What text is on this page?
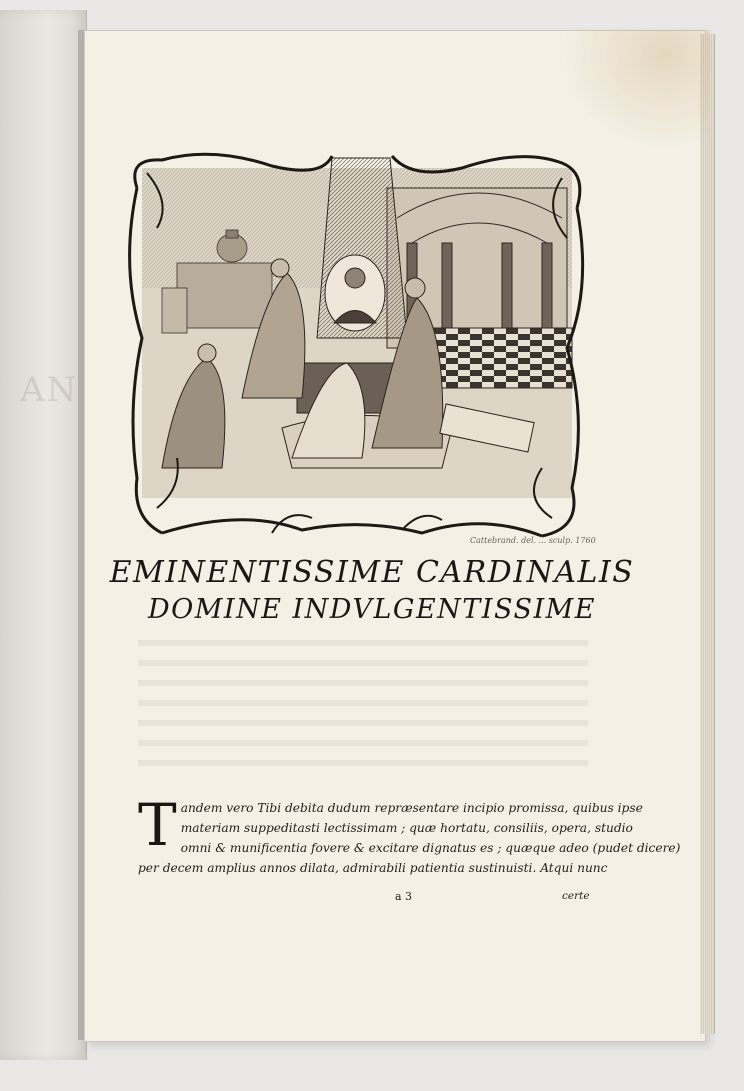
AN
Cattebrand. del. ... sculp. 1760
EMINENTISSIME CARDINALIS
DOMINE INDVLGENTISSIME
T andem vero Tibi debita dudum repræsentare incipio promissa, quibus ipse
materiam suppeditasti lectissimam ; quæ hortatu, consiliis, opera, studio
omni & munificentia fovere & excitare dignatus es ; quæque adeo (pudet dicere)
per decem amplius annos dilata, admirabili patientia sustinuisti. Atqui nunc
a 3	certe
